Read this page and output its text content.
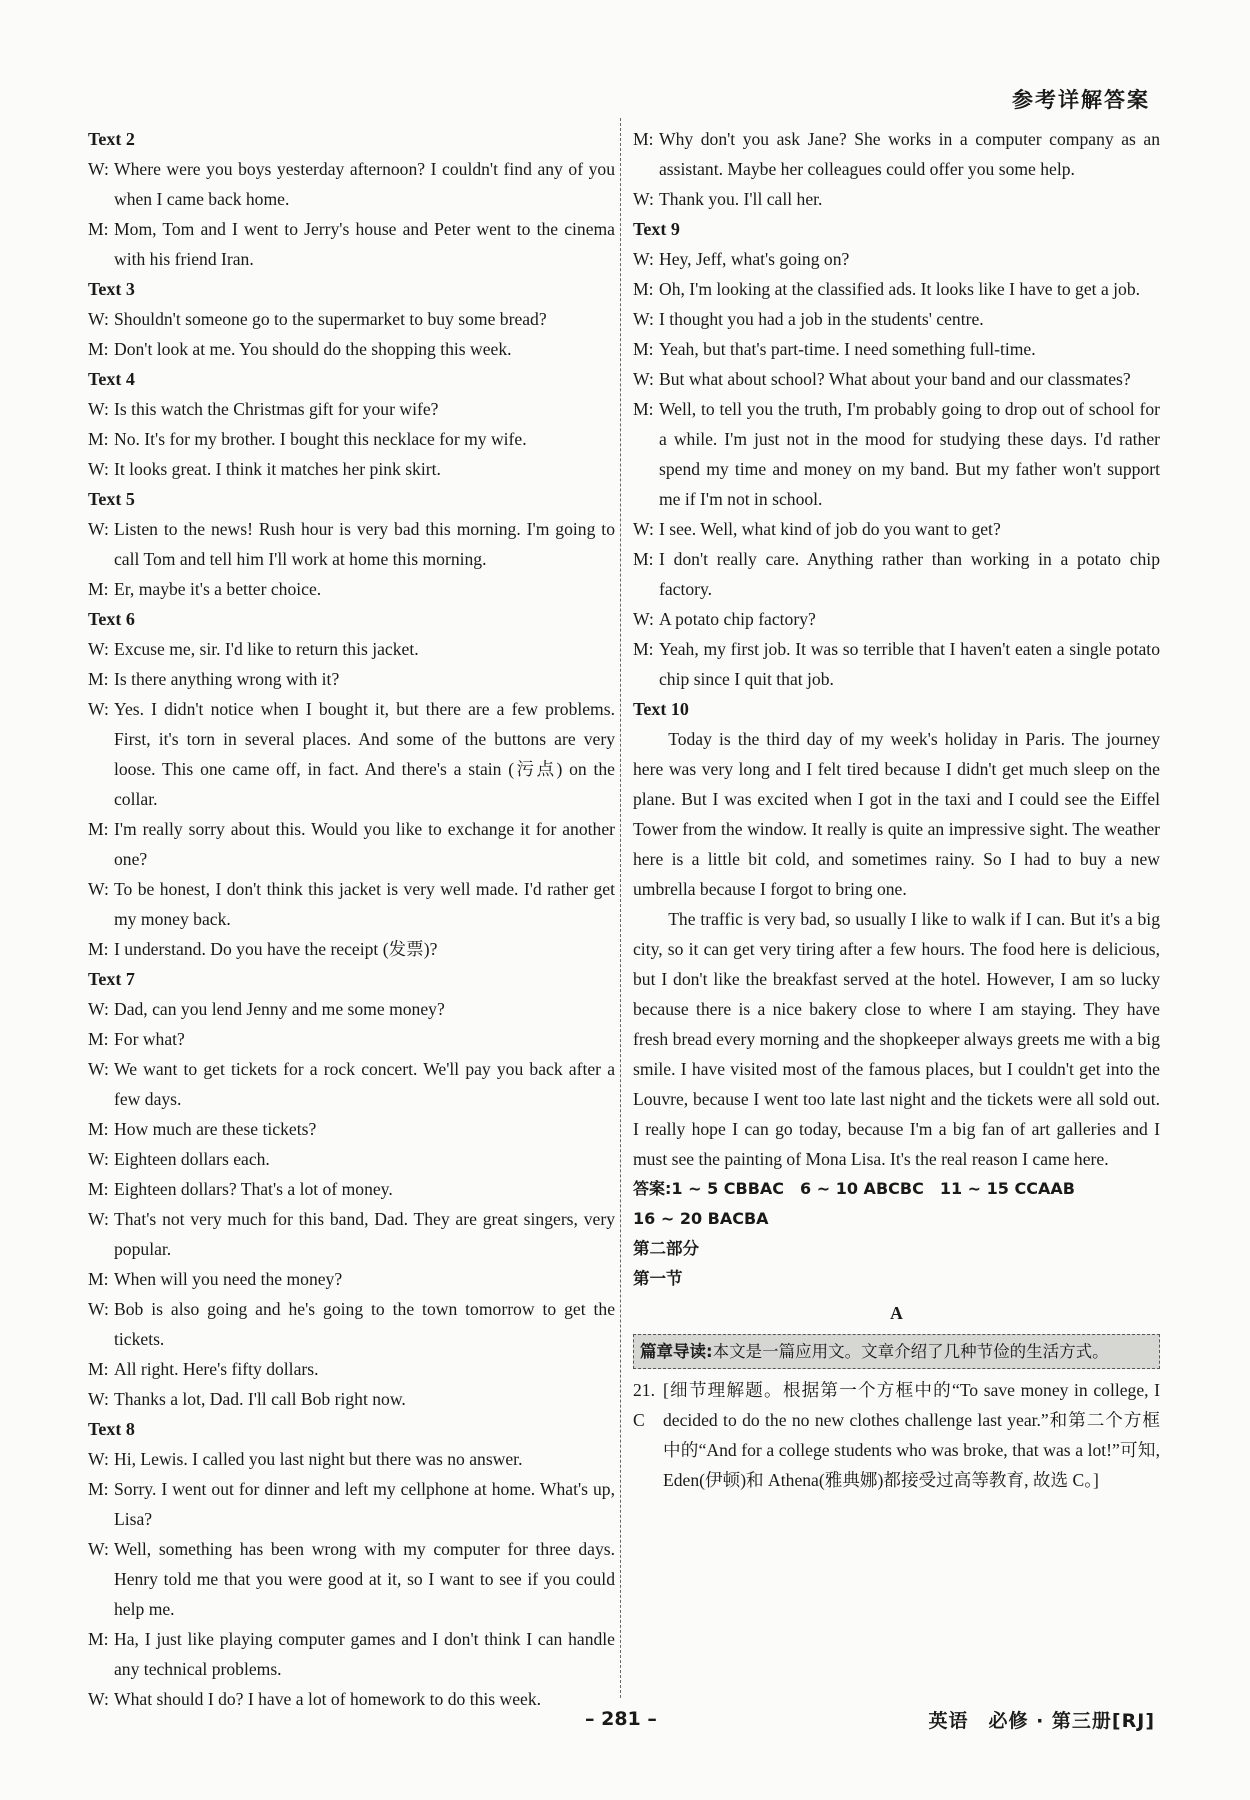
参考详解答案
Text 2
W: Where were you boys yesterday afternoon? I couldn't find any of you when I came back home.
M: Mom, Tom and I went to Jerry's house and Peter went to the cinema with his friend Iran.
Text 3
W: Shouldn't someone go to the supermarket to buy some bread?
M: Don't look at me. You should do the shopping this week.
Text 4
W: Is this watch the Christmas gift for your wife?
M: No. It's for my brother. I bought this necklace for my wife.
W: It looks great. I think it matches her pink skirt.
Text 5
W: Listen to the news! Rush hour is very bad this morning. I'm going to call Tom and tell him I'll work at home this morning.
M: Er, maybe it's a better choice.
Text 6
W: Excuse me, sir. I'd like to return this jacket.
M: Is there anything wrong with it?
W: Yes. I didn't notice when I bought it, but there are a few problems. First, it's torn in several places. And some of the buttons are very loose. This one came off, in fact. And there's a stain (污点) on the collar.
M: I'm really sorry about this. Would you like to exchange it for another one?
W: To be honest, I don't think this jacket is very well made. I'd rather get my money back.
M: I understand. Do you have the receipt (发票)?
Text 7
W: Dad, can you lend Jenny and me some money?
M: For what?
W: We want to get tickets for a rock concert. We'll pay you back after a few days.
M: How much are these tickets?
W: Eighteen dollars each.
M: Eighteen dollars? That's a lot of money.
W: That's not very much for this band, Dad. They are great singers, very popular.
M: When will you need the money?
W: Bob is also going and he's going to the town tomorrow to get the tickets.
M: All right. Here's fifty dollars.
W: Thanks a lot, Dad. I'll call Bob right now.
Text 8
W: Hi, Lewis. I called you last night but there was no answer.
M: Sorry. I went out for dinner and left my cellphone at home. What's up, Lisa?
W: Well, something has been wrong with my computer for three days. Henry told me that you were good at it, so I want to see if you could help me.
M: Ha, I just like playing computer games and I don't think I can handle any technical problems.
W: What should I do? I have a lot of homework to do this week.
M: Why don't you ask Jane? She works in a computer company as an assistant. Maybe her colleagues could offer you some help.
W: Thank you. I'll call her.
Text 9
W: Hey, Jeff, what's going on?
M: Oh, I'm looking at the classified ads. It looks like I have to get a job.
W: I thought you had a job in the students' centre.
M: Yeah, but that's part-time. I need something full-time.
W: But what about school? What about your band and our classmates?
M: Well, to tell you the truth, I'm probably going to drop out of school for a while. I'm just not in the mood for studying these days. I'd rather spend my time and money on my band. But my father won't support me if I'm not in school.
W: I see. Well, what kind of job do you want to get?
M: I don't really care. Anything rather than working in a potato chip factory.
W: A potato chip factory?
M: Yeah, my first job. It was so terrible that I haven't eaten a single potato chip since I quit that job.
Text 10
Today is the third day of my week's holiday in Paris. The journey here was very long and I felt tired because I didn't get much sleep on the plane. But I was excited when I got in the taxi and I could see the Eiffel Tower from the window. It really is quite an impressive sight. The weather here is a little bit cold, and sometimes rainy. So I had to buy a new umbrella because I forgot to bring one.
The traffic is very bad, so usually I like to walk if I can. But it's a big city, so it can get very tiring after a few hours. The food here is delicious, but I don't like the breakfast served at the hotel. However, I am so lucky because there is a nice bakery close to where I am staying. They have fresh bread every morning and the shopkeeper always greets me with a big smile. I have visited most of the famous places, but I couldn't get into the Louvre, because I went too late last night and the tickets were all sold out. I really hope I can go today, because I'm a big fan of art galleries and I must see the painting of Mona Lisa. It's the real reason I came here.
答案:1 ~ 5 CBBAC　6 ~ 10 ABCBC　11 ~ 15 CCAAB
16 ~ 20 BACBA
第二部分
第一节
A
篇章导读:本文是一篇应用文。文章介绍了几种节俭的生活方式。
21. C
[细节理解题。根据第一个方框中的“To save money in college, I decided to do the no new clothes challenge last year.”和第二个方框中的“And for a college students who was broke, that was a lot!”可知, Eden(伊顿)和 Athena(雅典娜)都接受过高等教育, 故选 C。]
– 281 –	英语　必修 · 第三册[RJ]
